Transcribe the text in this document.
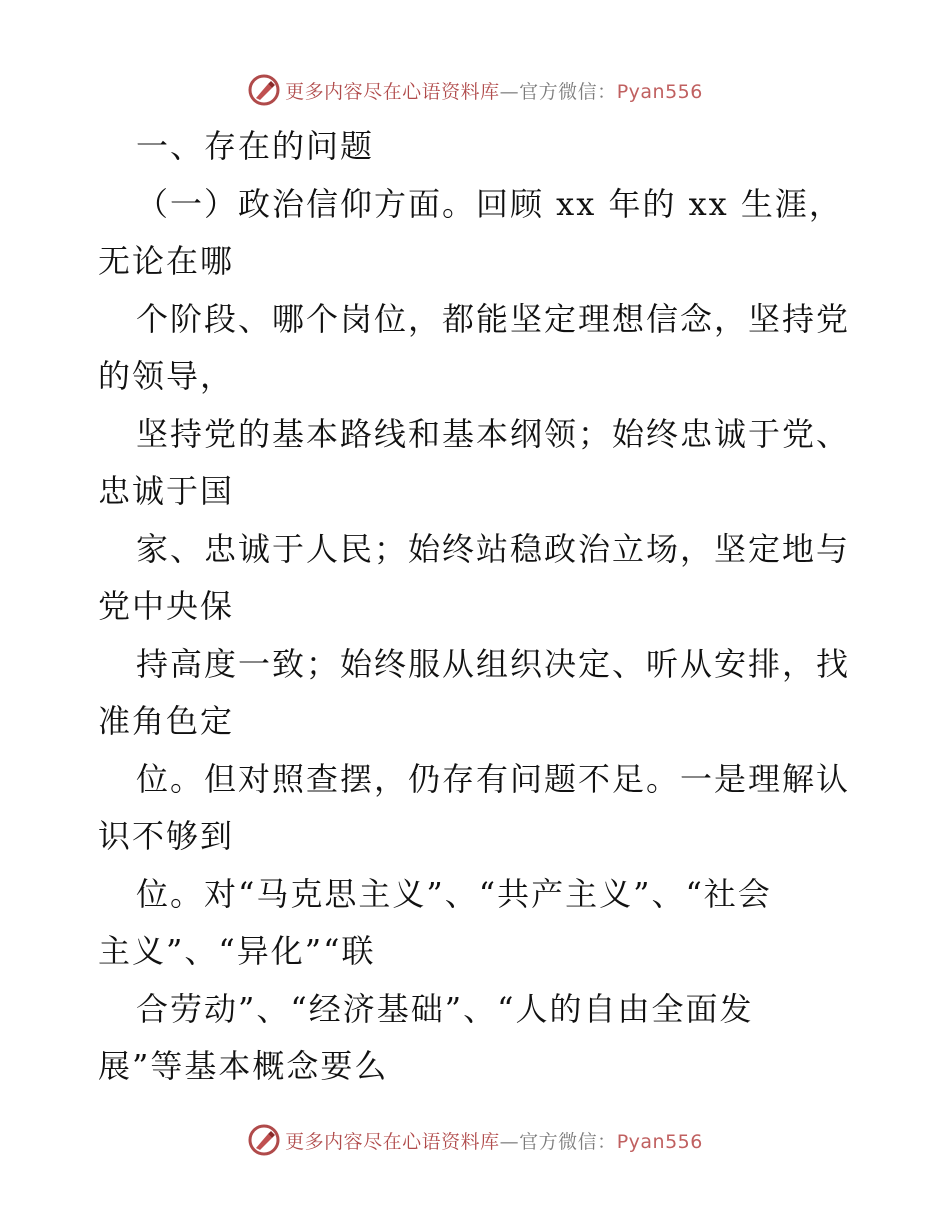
更多内容尽在心语资料库—官方微信：Pyan556
一、存在的问题
（一）政治信仰方面。回顾 xx 年的 xx 生涯，
无论在哪
个阶段、哪个岗位，都能坚定理想信念，坚持党
的领导，
坚持党的基本路线和基本纲领；始终忠诚于党、
忠诚于国
家、忠诚于人民；始终站稳政治立场，坚定地与
党中央保
持高度一致；始终服从组织决定、听从安排，找
准角色定
位。但对照查摆，仍存有问题不足。一是理解认
识不够到
位。对“马克思主义”、“共产主义”、“社会
主义”、“异化”“联
合劳动”、“经济基础”、“人的自由全面发
展”等基本概念要么
更多内容尽在心语资料库—官方微信：Pyan556
